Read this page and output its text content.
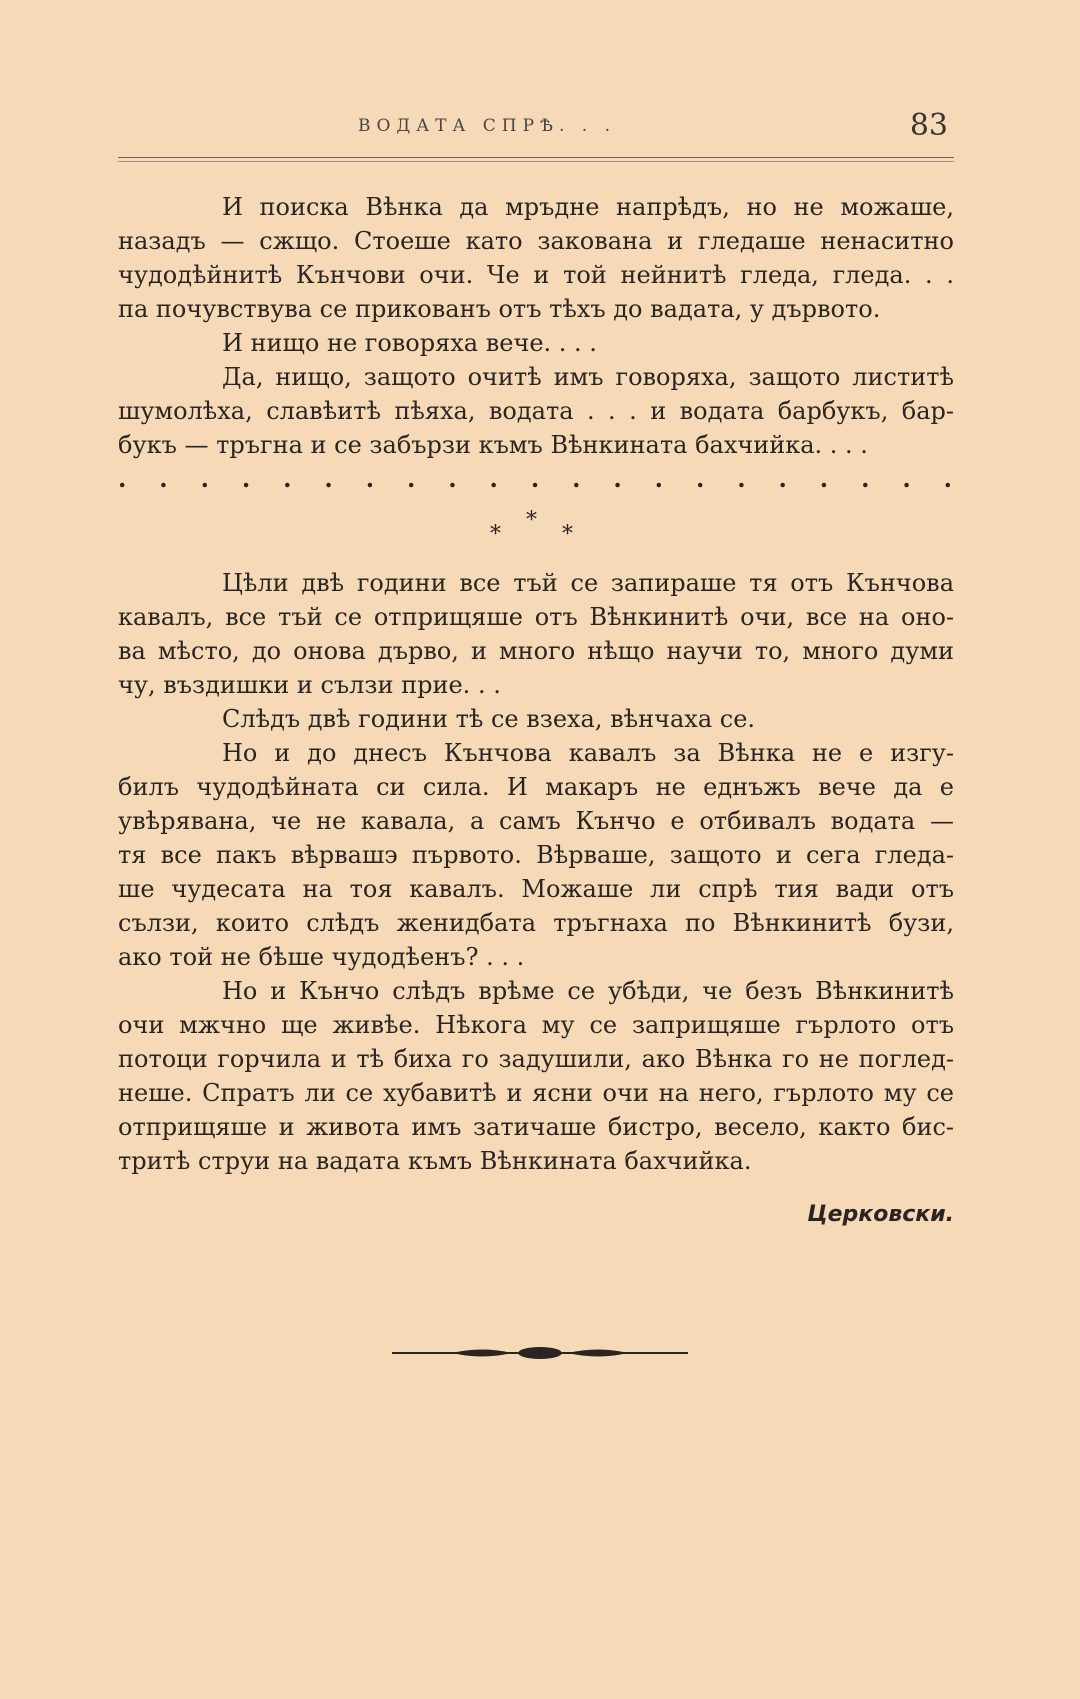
ВОДАТА СПРѢ. . .	83
И поиска Вѣнка да мръдне напрѣдъ, но не можаше,
назадъ — сжщо. Стоеше като закована и гледаше ненаситно
чудодѣйнитѣ Кънчови очи. Че и той нейнитѣ гледа, гледа. . .
па почувствува се прикованъ отъ тѣхъ до вадата, у дървото.
И нищо не говоряха вече. . . .
Да, нищо, защото очитѣ имъ говоряха, защото листитѣ
шумолѣха, славѣитѣ пѣяха, водата . . . и водата барбукъ, бар-
букъ — тръгна и се забързи къмъ Вѣнкината бахчийка. . . .
. . . . . . . . . . . . . . . . . . . . .
*
*
*
Цѣли двѣ години все тъй се запираше тя отъ Кънчова
кавалъ, все тъй се отприщяше отъ Вѣнкинитѣ очи, все на оно-
ва мѣсто, до онова дърво, и много нѣщо научи то, много думи
чу, въздишки и сълзи прие. . .
Слѣдъ двѣ години тѣ се взеха, вѣнчаха се.
Но и до днесъ Кънчова кавалъ за Вѣнка не е изгу-
билъ чудодѣйната си сила. И макаръ не еднъжъ вече да е
увѣрявана, че не кавала, а самъ Кънчо е отбивалъ водата —
тя все пакъ вѣрвашэ първото. Вѣрваше, защото и сега гледа-
ше чудесата на тоя кавалъ. Можаше ли спрѣ тия вади отъ
сълзи, които слѣдъ женидбата тръгнаха по Вѣнкинитѣ бузи,
ако той не бѣше чудодѣенъ? . . .
Но и Кънчо слѣдъ врѣме се убѣди, че безъ Вѣнкинитѣ
очи мжчно ще живѣе. Нѣкога му се заприщяше гърлото отъ
потоци горчила и тѣ биха го задушили, ако Вѣнка го не поглед-
неше. Спратъ ли се хубавитѣ и ясни очи на него, гърлото му се
отприщяше и живота имъ затичаше бистро, весело, както бис-
тритѣ струи на вадата къмъ Вѣнкината бахчийка.
Церковски.
